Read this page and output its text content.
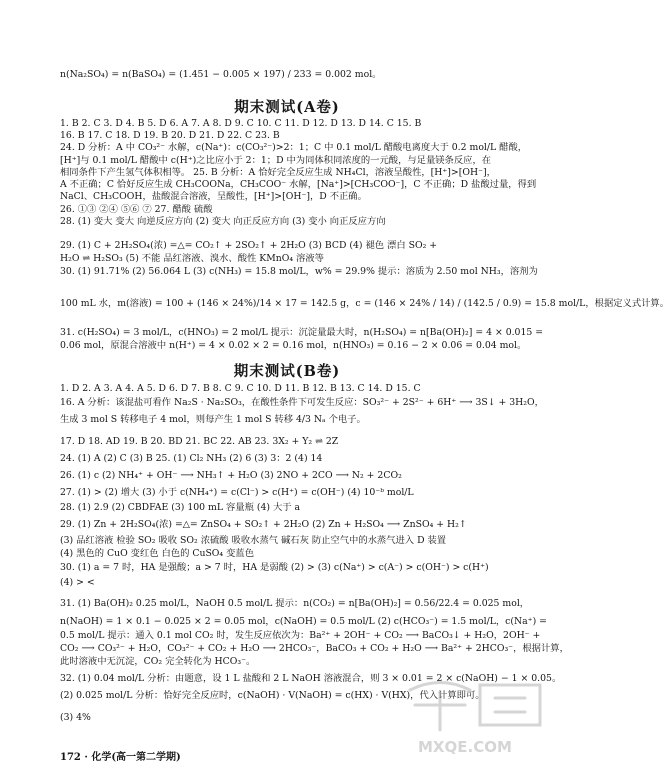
n(Na₂SO₄) = n(BaSO₄) = (1.451 − 0.005 × 197) / 233 = 0.002 mol。
期末测试(A卷)
1. B 2. C 3. D 4. B 5. D 6. A 7. A 8. D 9. C 10. C 11. D 12. D 13. D 14. C 15. B
16. B 17. C 18. D 19. B 20. D 21. D 22. C 23. B
24. D 分析：A 中 CO₃²⁻ 水解，c(Na⁺)：c(CO₃²⁻)>2：1；C 中 0.1 mol/L 醋酸电离度大于 0.2 mol/L 醋酸，
[H⁺]与 0.1 mol/L 醋酸中 c(H⁺)之比应小于 2：1；D 中为同体积同浓度的一元酸，与足量镁条反应，在
相同条件下产生氢气体积相等。 25. B 分析：A 恰好完全反应生成 NH₄Cl，溶液呈酸性，[H⁺]>[OH⁻]，
A 不正确；C 恰好反应生成 CH₃COONa，CH₃COO⁻ 水解，[Na⁺]>[CH₃COO⁻]，C 不正确；D 盐酸过量，得到
NaCl、CH₃COOH，盐酸混合溶液，呈酸性，[H⁺]>[OH⁻]，D 不正确。
26. ①③ ②④ ⑤⑥ ⑦ 27. 醋酸 硫酸
28. (1) 变大 变大 向逆反应方向 (2) 变大 向正反应方向 (3) 变小 向正反应方向
29. (1) C + 2H₂SO₄(浓) =△= CO₂↑ + 2SO₂↑ + 2H₂O (3) BCD (4) 褪色 漂白 SO₂ +
H₂O ⇌ H₂SO₃ (5) 不能 品红溶液、溴水、酸性 KMnO₄ 溶液等
30. (1) 91.71% (2) 56.064 L (3) c(NH₃) = 15.8 mol/L，w% = 29.9% 提示：溶质为 2.50 mol NH₃，溶剂为
100 mL 水，m(溶液) = 100 + (146 × 24%)/14 × 17 = 142.5 g，c = (146 × 24% / 14) / (142.5 / 0.9) = 15.8 mol/L，根据定义式计算。
31. c(H₂SO₄) = 3 mol/L，c(HNO₃) = 2 mol/L 提示：沉淀量最大时，n(H₂SO₄) = n[Ba(OH)₂] = 4 × 0.015 =
0.06 mol，原混合溶液中 n(H⁺) = 4 × 0.02 × 2 = 0.16 mol，n(HNO₃) = 0.16 − 2 × 0.06 = 0.04 mol。
期末测试(B卷)
1. D 2. A 3. A 4. A 5. D 6. D 7. B 8. C 9. C 10. D 11. B 12. B 13. C 14. D 15. C
16. A 分析：该混盐可看作 Na₂S · Na₂SO₃，在酸性条件下可发生反应：SO₃²⁻ + 2S²⁻ + 6H⁺ ⟶ 3S↓ + 3H₂O，
生成 3 mol S 转移电子 4 mol，则每产生 1 mol S 转移 4/3 Nₐ 个电子。
17. D 18. AD 19. B 20. BD 21. BC 22. AB 23. 3X₂ + Y₂ ⇌ 2Z
24. (1) A (2) C (3) B 25. (1) Cl₂ NH₃ (2) 6 (3) 3：2 (4) 14
26. (1) c (2) NH₄⁺ + OH⁻ ⟶ NH₃↑ + H₂O (3) 2NO + 2CO ⟶ N₂ + 2CO₂
27. (1) > (2) 增大 (3) 小于 c(NH₄⁺) = c(Cl⁻) > c(H⁺) = c(OH⁻) (4) 10⁻ᵇ mol/L
28. (1) 2.9 (2) CBDFAE (3) 100 mL 容量瓶 (4) 大于 a
29. (1) Zn + 2H₂SO₄(浓) =△= ZnSO₄ + SO₂↑ + 2H₂O (2) Zn + H₂SO₄ ⟶ ZnSO₄ + H₂↑
(3) 品红溶液 检验 SO₂ 吸收 SO₂ 浓硫酸 吸收水蒸气 碱石灰 防止空气中的水蒸气进入 D 装置
(4) 黑色的 CuO 变红色 白色的 CuSO₄ 变蓝色
30. (1) a = 7 时，HA 是强酸；a > 7 时，HA 是弱酸 (2) > (3) c(Na⁺) > c(A⁻) > c(OH⁻) > c(H⁺)
(4) > <
31. (1) Ba(OH)₂ 0.25 mol/L，NaOH 0.5 mol/L 提示：n(CO₂) = n[Ba(OH)₂] = 0.56/22.4 = 0.025 mol，
n(NaOH) = 1 × 0.1 − 0.025 × 2 = 0.05 mol，c(NaOH) = 0.5 mol/L (2) c(HCO₃⁻) = 1.5 mol/L，c(Na⁺) =
0.5 mol/L 提示：通入 0.1 mol CO₂ 时，发生反应依次为：Ba²⁺ + 2OH⁻ + CO₂ ⟶ BaCO₃↓ + H₂O，2OH⁻ +
CO₂ ⟶ CO₃²⁻ + H₂O，CO₃²⁻ + CO₂ + H₂O ⟶ 2HCO₃⁻，BaCO₃ + CO₂ + H₂O ⟶ Ba²⁺ + 2HCO₃⁻，根据计算，
此时溶液中无沉淀，CO₂ 完全转化为 HCO₃⁻。
32. (1) 0.04 mol/L 分析：由题意，设 1 L 盐酸和 2 L NaOH 溶液混合，则 3 × 0.01 = 2 × c(NaOH) − 1 × 0.05。
(2) 0.025 mol/L 分析：恰好完全反应时，c(NaOH) · V(NaOH) = c(HX) · V(HX)，代入计算即可。
(3) 4%
172 · 化学(高一第二学期)
MXQE.COM
